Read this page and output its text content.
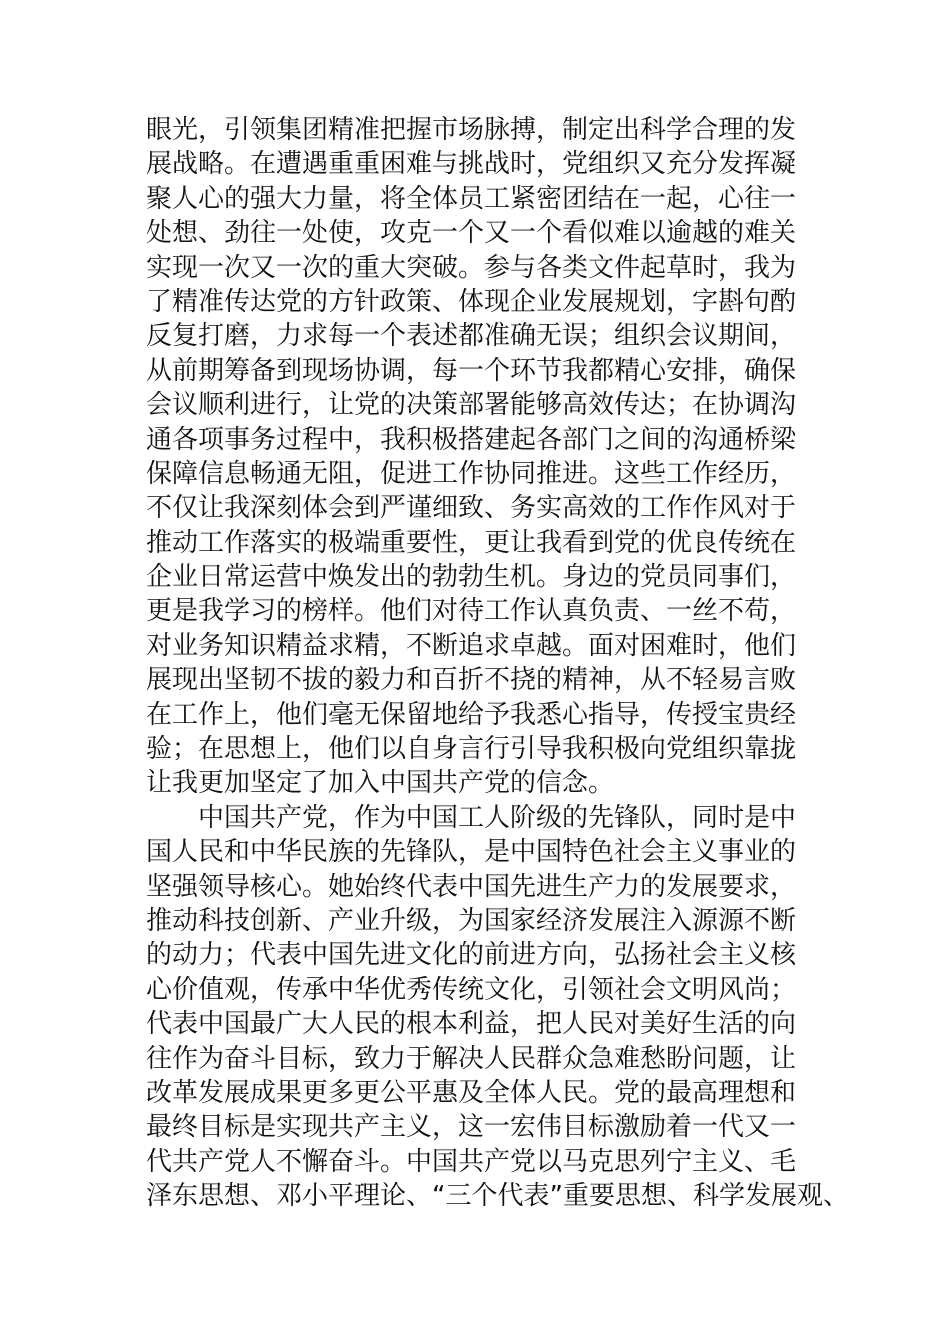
眼光，引领集团精准把握市场脉搏，制定出科学合理的发
展战略。在遭遇重重困难与挑战时，党组织又充分发挥凝
聚人心的强大力量，将全体员工紧密团结在一起，心往一
处想、劲往一处使，攻克一个又一个看似难以逾越的难关
实现一次又一次的重大突破。参与各类文件起草时，我为
了精准传达党的方针政策、体现企业发展规划，字斟句酌
反复打磨，力求每一个表述都准确无误；组织会议期间，
从前期筹备到现场协调，每一个环节我都精心安排，确保
会议顺利进行，让党的决策部署能够高效传达；在协调沟
通各项事务过程中，我积极搭建起各部门之间的沟通桥梁
保障信息畅通无阻，促进工作协同推进。这些工作经历，
不仅让我深刻体会到严谨细致、务实高效的工作作风对于
推动工作落实的极端重要性，更让我看到党的优良传统在
企业日常运营中焕发出的勃勃生机。身边的党员同事们，
更是我学习的榜样。他们对待工作认真负责、一丝不苟，
对业务知识精益求精，不断追求卓越。面对困难时，他们
展现出坚韧不拔的毅力和百折不挠的精神，从不轻易言败
在工作上，他们毫无保留地给予我悉心指导，传授宝贵经
验；在思想上，他们以自身言行引导我积极向党组织靠拢
让我更加坚定了加入中国共产党的信念。
　　中国共产党，作为中国工人阶级的先锋队，同时是中
国人民和中华民族的先锋队，是中国特色社会主义事业的
坚强领导核心。她始终代表中国先进生产力的发展要求，
推动科技创新、产业升级，为国家经济发展注入源源不断
的动力；代表中国先进文化的前进方向，弘扬社会主义核
心价值观，传承中华优秀传统文化，引领社会文明风尚；
代表中国最广大人民的根本利益，把人民对美好生活的向
往作为奋斗目标，致力于解决人民群众急难愁盼问题，让
改革发展成果更多更公平惠及全体人民。党的最高理想和
最终目标是实现共产主义，这一宏伟目标激励着一代又一
代共产党人不懈奋斗。中国共产党以马克思列宁主义、毛
泽东思想、邓小平理论、“三个代表”重要思想、科学发展观、
